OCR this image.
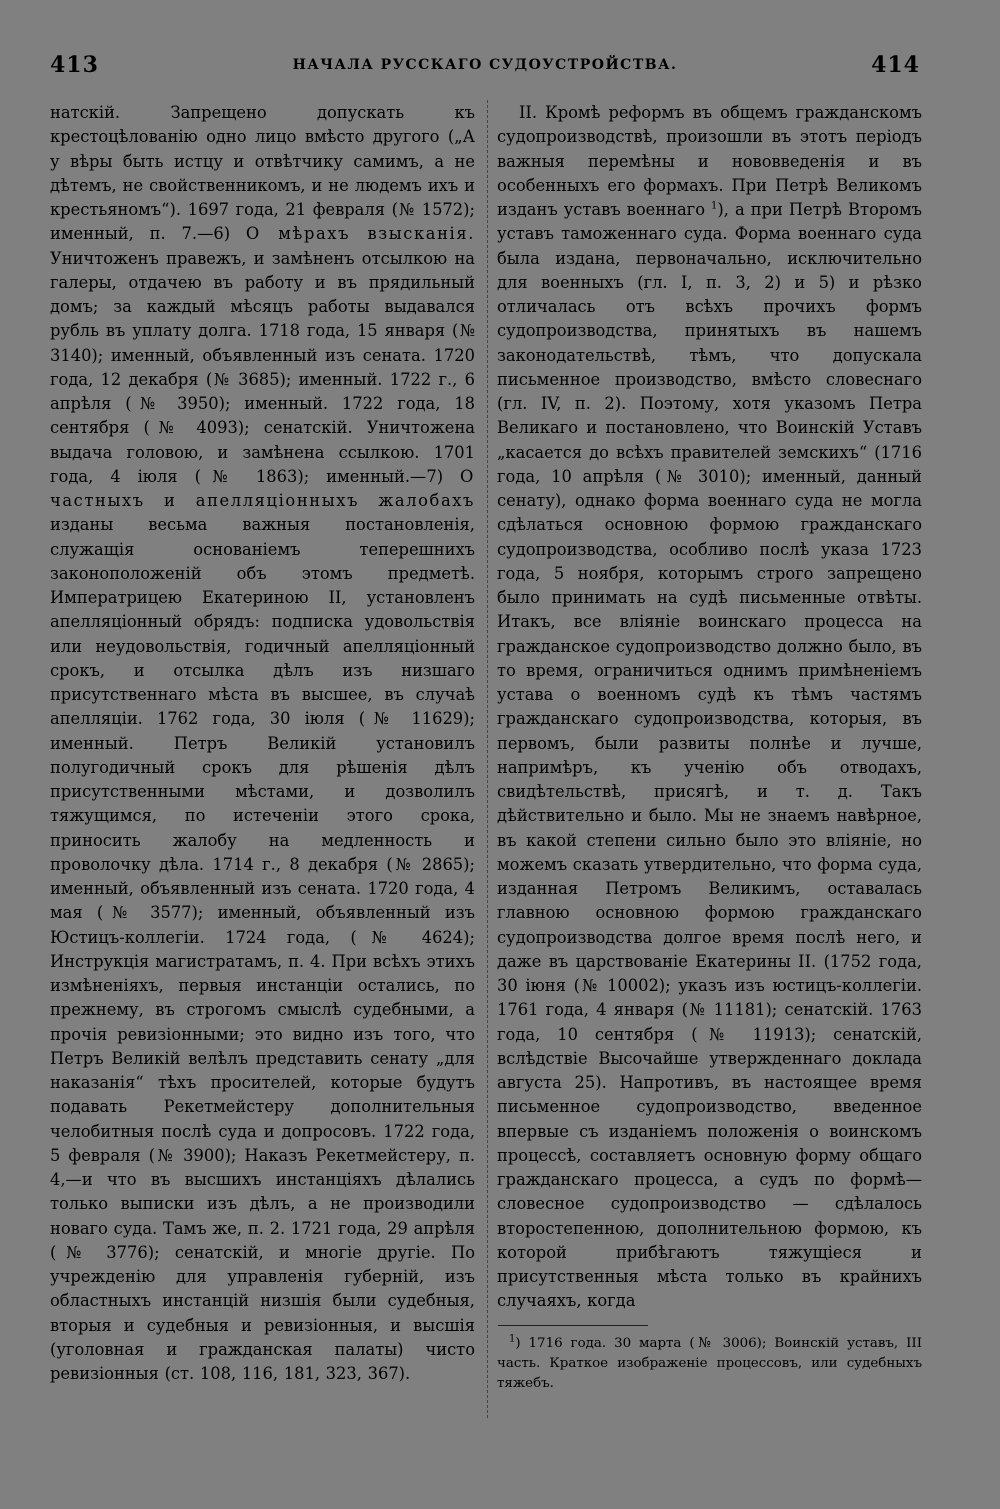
413	НАЧАЛА РУССКАГО СУДОУСТРОЙСТВА.	414

натскій. Запрещено допускать къ крестоцѣлованію одно лицо вмѣсто другого („А у вѣры быть истцу и отвѣтчику самимъ, а не дѣтемъ, не свойственникомъ, и не людемъ ихъ и крестьяномъ“). 1697 года, 21 февраля (№ 1572); именный, п. 7.—6) О мѣрахъ взысканія. Уничтоженъ правежъ, и замѣненъ отсылкою на галеры, отдачею въ работу и въ прядильный домъ; за каждый мѣсяцъ работы выдавался рубль въ уплату долга. 1718 года, 15 января (№ 3140); именный, объявленный изъ сената. 1720 года, 12 декабря (№ 3685); именный. 1722 г., 6 апрѣля (№ 3950); именный. 1722 года, 18 сентября (№ 4093); сенатскій. Уничтожена выдача головою, и замѣнена ссылкою. 1701 года, 4 іюля (№ 1863); именный.—7) О частныхъ и апелляціонныхъ жалобахъ изданы весьма важныя постановленія, служащія основаніемъ теперешнихъ законоположеній объ этомъ предметѣ. Императрицею Екатериною II, установленъ апелляціонный обрядъ: подписка удовольствія или неудовольствія, годичный апелляціонный срокъ, и отсылка дѣлъ изъ низшаго присутственнаго мѣста въ высшее, въ случаѣ апелляціи. 1762 года, 30 іюля (№ 11629); именный. Петръ Великій установилъ полугодичный срокъ для рѣшенія дѣлъ присутственными мѣстами, и дозволилъ тяжущимся, по истеченіи этого срока, приносить жалобу на медленность и проволочку дѣла. 1714 г., 8 декабря (№ 2865); именный, объявленный изъ сената. 1720 года, 4 мая (№ 3577); именный, объявленный изъ Юстицъ-коллегіи. 1724 года, (№ 4624); Инструкція магистратамъ, п. 4. При всѣхъ этихъ измѣненіяхъ, первыя инстанціи остались, по прежнему, въ строгомъ смыслѣ судебными, а прочія ревизіонными; это видно изъ того, что Петръ Великій велѣлъ представить сенату „для наказанія“ тѣхъ просителей, которые будутъ подавать Рекетмейстеру дополнительныя челобитныя послѣ суда и допросовъ. 1722 года, 5 февраля (№ 3900); Наказъ Рекетмейстеру, п. 4,—и что въ высшихъ инстанціяхъ дѣлались только выписки изъ дѣлъ, а не производили новаго суда. Тамъ же, п. 2. 1721 года, 29 апрѣля (№ 3776); сенатскій, и многіе другіе. По учрежденію для управленія губерній, изъ областныхъ инстанцій низшія были судебныя, вторыя и судебныя и ревизіонныя, и высшія (уголовная и гражданская палаты) чисто ревизіонныя (ст. 108, 116, 181, 323, 367).

II. Кромѣ реформъ въ общемъ гражданскомъ судопроизводствѣ, произошли въ этотъ періодъ важныя перемѣны и нововведенія и въ особенныхъ его формахъ. При Петрѣ Великомъ изданъ уставъ военнаго $^1$), а при Петрѣ Второмъ уставъ таможеннаго суда. Форма военнаго суда была издана, первоначально, исключительно для военныхъ (гл. I, п. 3, 2) и 5) и рѣзко отличалась отъ всѣхъ прочихъ формъ судопроизводства, принятыхъ въ нашемъ законодательствѣ, тѣмъ, что допускала письменное производство, вмѣсто словеснаго (гл. IV, п. 2). Поэтому, хотя указомъ Петра Великаго и постановлено, что Воинскій Уставъ „касается до всѣхъ правителей земскихъ“ (1716 года, 10 апрѣля (№ 3010); именный, данный сенату), однако форма военнаго суда не могла сдѣлаться основною формою гражданскаго судопроизводства, особливо послѣ указа 1723 года, 5 ноября, которымъ строго запрещено было принимать на судѣ письменные отвѣты. Итакъ, все вліяніе воинскаго процесса на гражданское судопроизводство должно было, въ то время, ограничиться однимъ примѣненіемъ устава о военномъ судѣ къ тѣмъ частямъ гражданскаго судопроизводства, которыя, въ первомъ, были развиты полнѣе и лучше, напримѣръ, къ ученію объ отводахъ, свидѣтельствѣ, присягѣ, и т. д. Такъ дѣйствительно и было. Мы не знаемъ навѣрное, въ какой степени сильно было это вліяніе, но можемъ сказать утвердительно, что форма суда, изданная Петромъ Великимъ, оставалась главною основною формою гражданскаго судопроизводства долгое время послѣ него, и даже въ царствованіе Екатерины II. (1752 года, 30 іюня (№ 10002); указъ изъ юстицъ-коллегіи. 1761 года, 4 января (№ 11181); сенатскій. 1763 года, 10 сентября (№ 11913); сенатскій, вслѣдствіе Высочайше утвержденнаго доклада августа 25). Напротивъ, въ настоящее время письменное судопроизводство, введенное впервые съ изданіемъ положенія о воинскомъ процессѣ, составляетъ основную форму общаго гражданскаго процесса, а судъ по формѣ—словесное судопроизводство — сдѣлалось второстепенною, дополнительною формою, къ которой прибѣгаютъ тяжущіеся и присутственныя мѣста только въ крайнихъ случаяхъ, когда

$^1$) 1716 года. 30 марта (№ 3006); Воинскій уставъ, III часть. Краткое изображеніе процессовъ, или судебныхъ тяжебъ.
